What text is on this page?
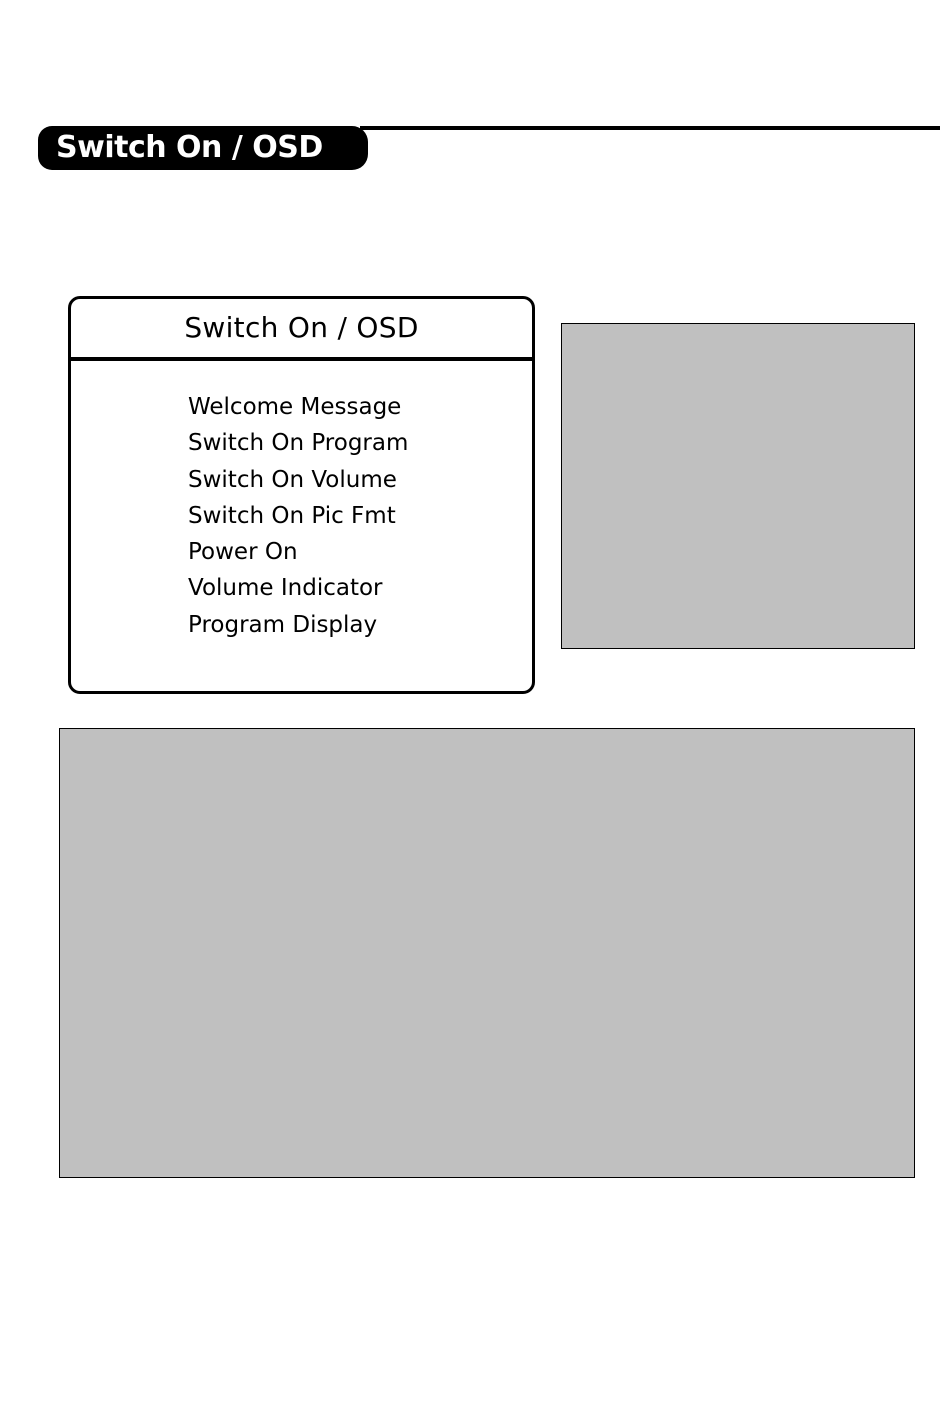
Switch On / OSD
Switch On / OSD
Welcome Message
Switch On Program
Switch On Volume
Switch On Pic Fmt
Power On
Volume Indicator
Program Display
